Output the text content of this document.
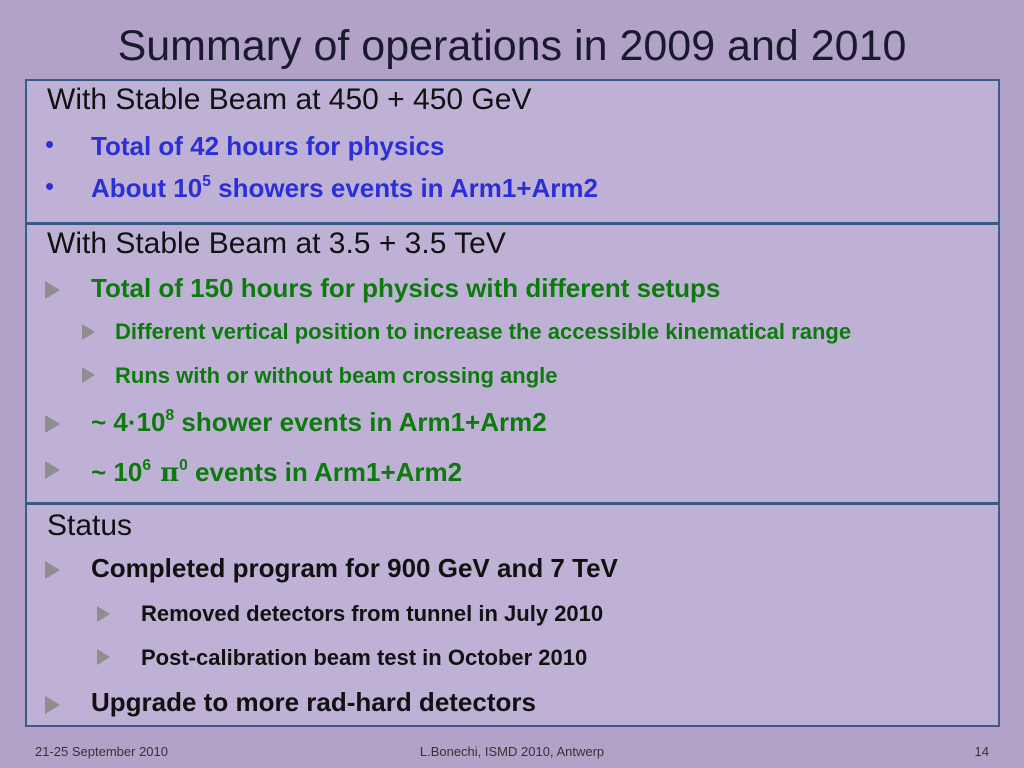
Summary of operations in 2009 and 2010
With Stable Beam at 450 + 450 GeV
• Total of 42 hours for physics
• About $10^5$ showers events in Arm1+Arm2
With Stable Beam at 3.5 + 3.5 TeV
Total of 150 hours for physics with different setups
Different vertical position to increase the accessible kinematical range
Runs with or without beam crossing angle
~ $4\cdot 10^8$ shower events in Arm1+Arm2
~ $10^6$ $\pi^0$ events in Arm1+Arm2
Status
Completed program for 900 GeV and 7 TeV
Removed detectors from tunnel in July 2010
Post-calibration beam test in October 2010
Upgrade to more rad-hard detectors
21-25 September 2010	L.Bonechi, ISMD 2010, Antwerp	14
